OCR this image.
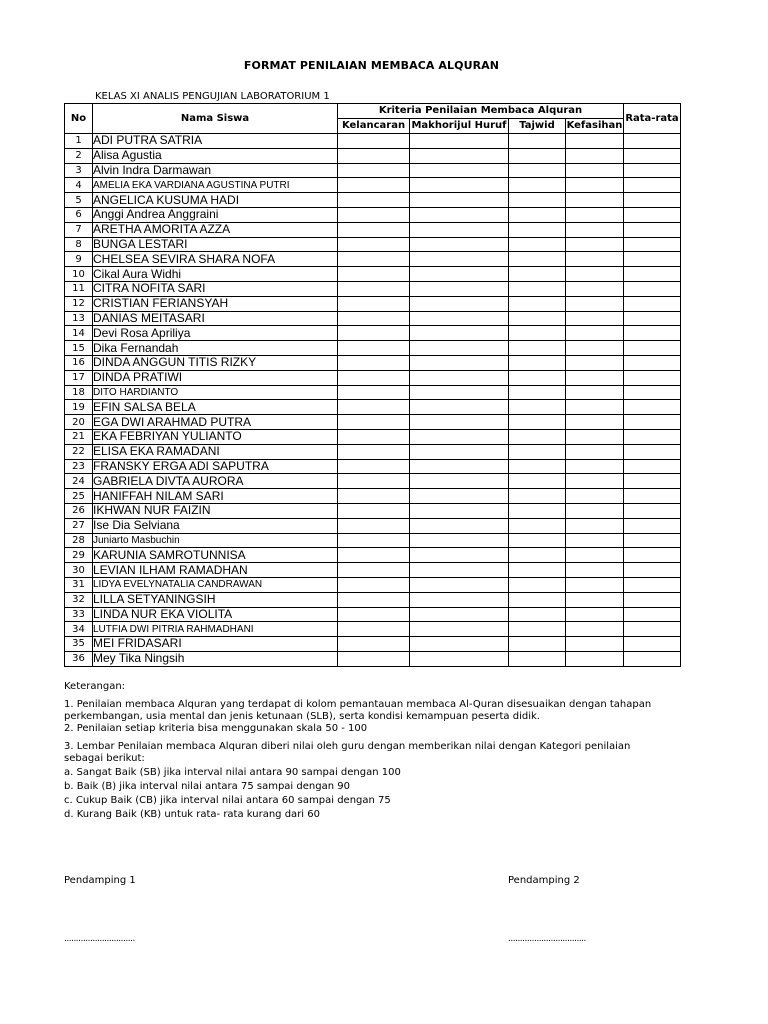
FORMAT PENILAIAN MEMBACA ALQURAN
KELAS XI ANALIS PENGUJIAN LABORATORIUM 1
No	Nama Siswa	Kriteria Penilaian Membaca Alquran				Rata-rata
		Kelancaran	Makhorijul Huruf	Tajwid	Kefasihan	
1	ADI PUTRA SATRIA					
2	Alisa Agustia					
3	Alvin Indra Darmawan					
4	AMELIA EKA VARDIANA AGUSTINA PUTRI					
5	ANGELICA KUSUMA HADI					
6	Anggi Andrea Anggraini					
7	ARETHA AMORITA AZZA					
8	BUNGA LESTARI					
9	CHELSEA SEVIRA SHARA NOFA					
10	Cikal Aura Widhi					
11	CITRA NOFITA SARI					
12	CRISTIAN FERIANSYAH					
13	DANIAS MEITASARI					
14	Devi Rosa Apriliya					
15	Dika Fernandah					
16	DINDA ANGGUN TITIS RIZKY					
17	DINDA PRATIWI					
18	DITO HARDIANTO					
19	EFIN SALSA BELA					
20	EGA DWI ARAHMAD PUTRA					
21	EKA FEBRIYAN YULIANTO					
22	ELISA EKA RAMADANI					
23	FRANSKY ERGA ADI SAPUTRA					
24	GABRIELA DIVTA AURORA					
25	HANIFFAH NILAM SARI					
26	IKHWAN NUR FAIZIN					
27	Ise Dia Selviana					
28	Juniarto Masbuchin					
29	KARUNIA SAMROTUNNISA					
30	LEVIAN ILHAM RAMADHAN					
31	LIDYA EVELYNATALIA CANDRAWAN					
32	LILLA SETYANINGSIH					
33	LINDA NUR EKA VIOLITA					
34	LUTFIA DWI PITRIA RAHMADHANI					
35	MEI FRIDASARI					
36	Mey Tika Ningsih					

Keterangan:

1. Penilaian membaca Alquran yang terdapat di kolom pemantauan membaca Al-Quran disesuaikan dengan tahapan

perkembangan, usia mental dan jenis ketunaan (SLB), serta kondisi kemampuan peserta didik.

2. Penilaian setiap kriteria bisa menggunakan skala 50 - 100

3. Lembar Penilaian membaca Alquran diberi nilai oleh guru dengan memberikan nilai dengan Kategori penilaian

sebagai berikut:

a. Sangat Baik (SB) jika interval nilai antara 90 sampai dengan 100

b. Baik (B) jika interval nilai antara 75 sampai dengan 90

c. Cukup Baik (CB) jika interval nilai antara 60 sampai dengan 75

d. Kurang Baik (KB) untuk rata- rata kurang dari 60

Pendamping 1	Pendamping 2
..............................	.................................
